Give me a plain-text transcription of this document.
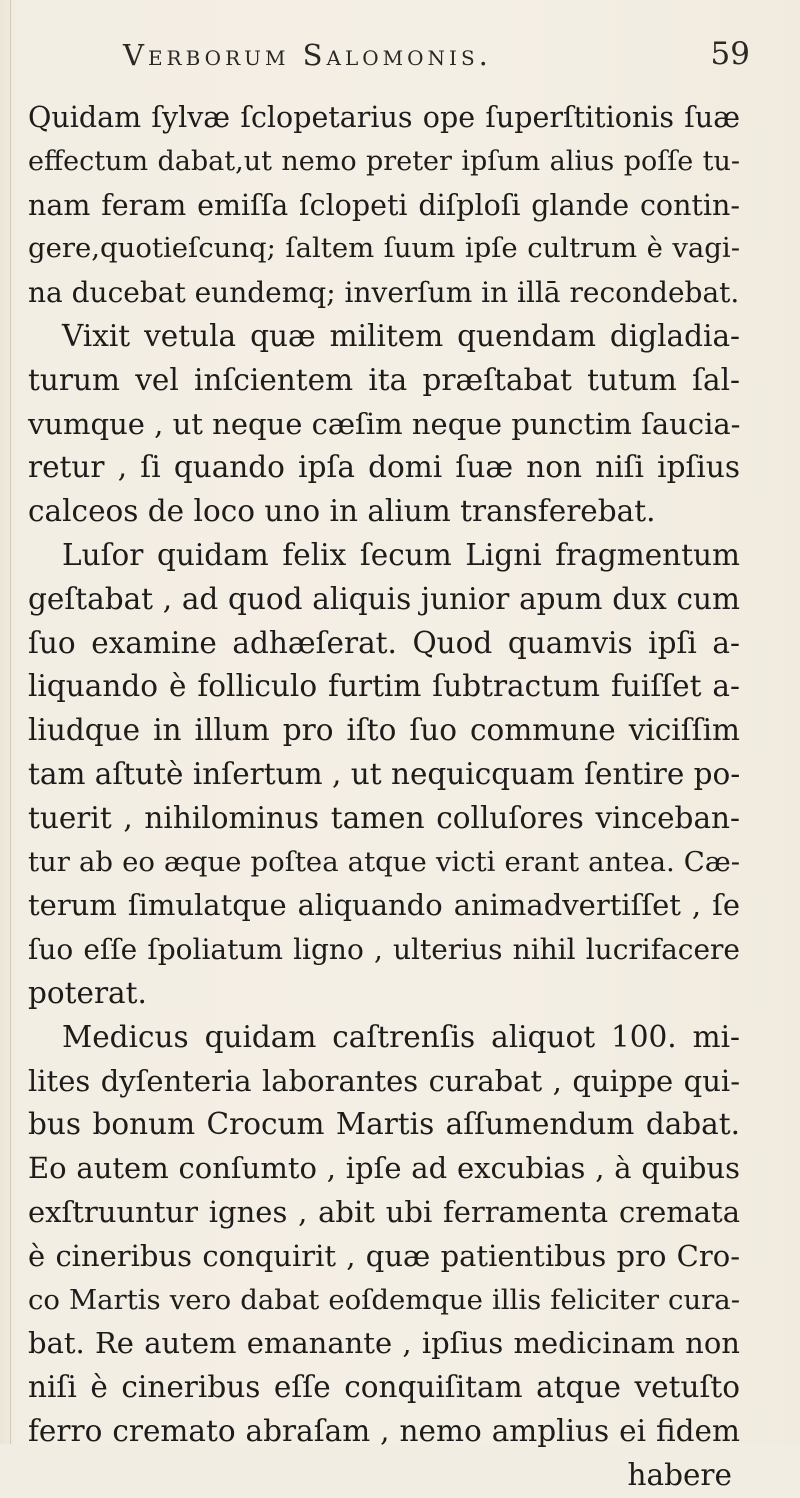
Verborum Salomonis.	59
Quidam ſylvæ ſclopetarius ope ſuperſtitionis ſuæ
effectum dabat,ut nemo preter ipſum alius poſſe tu-
nam feram emiſſa ſclopeti diſploſi glande contin-
gere,quotieſcunq; ſaltem ſuum ipſe cultrum è vagi-
na ducebat eundemq; inverſum in illā recondebat.
Vixit vetula quæ militem quendam digladia-
turum vel inſcientem ita præſtabat tutum ſal-
vumque , ut neque cæſim neque punctim ſaucia-
retur , ſi quando ipſa domi ſuæ non niſi ipſius
calceos de loco uno in alium transferebat.
Luſor quidam felix ſecum Ligni fragmentum
geſtabat , ad quod aliquis junior apum dux cum
ſuo examine adhæſerat. Quod quamvis ipſi a-
liquando è folliculo furtim ſubtractum fuiſſet a-
liudque in illum pro iſto ſuo commune viciſſim
tam aſtutè inſertum , ut nequicquam ſentire po-
tuerit , nihilominus tamen colluſores vinceban-
tur ab eo æque poſtea atque victi erant antea. Cæ-
terum ſimulatque aliquando animadvertiſſet , ſe
ſuo eſſe ſpoliatum ligno , ulterius nihil lucrifacere
poterat.
Medicus quidam caſtrenſis aliquot 100. mi-
lites dyſenteria laborantes curabat , quippe qui-
bus bonum Crocum Martis aſſumendum dabat.
Eo autem conſumto , ipſe ad excubias , à quibus
exſtruuntur ignes , abit ubi ferramenta cremata
è cineribus conquirit , quæ patientibus pro Cro-
co Martis vero dabat eoſdemque illis feliciter cura-
bat. Re autem emanante , ipſius medicinam non
niſi è cineribus eſſe conquiſitam atque vetuſto
ferro cremato abraſam , nemo amplius ei fidem
habere
